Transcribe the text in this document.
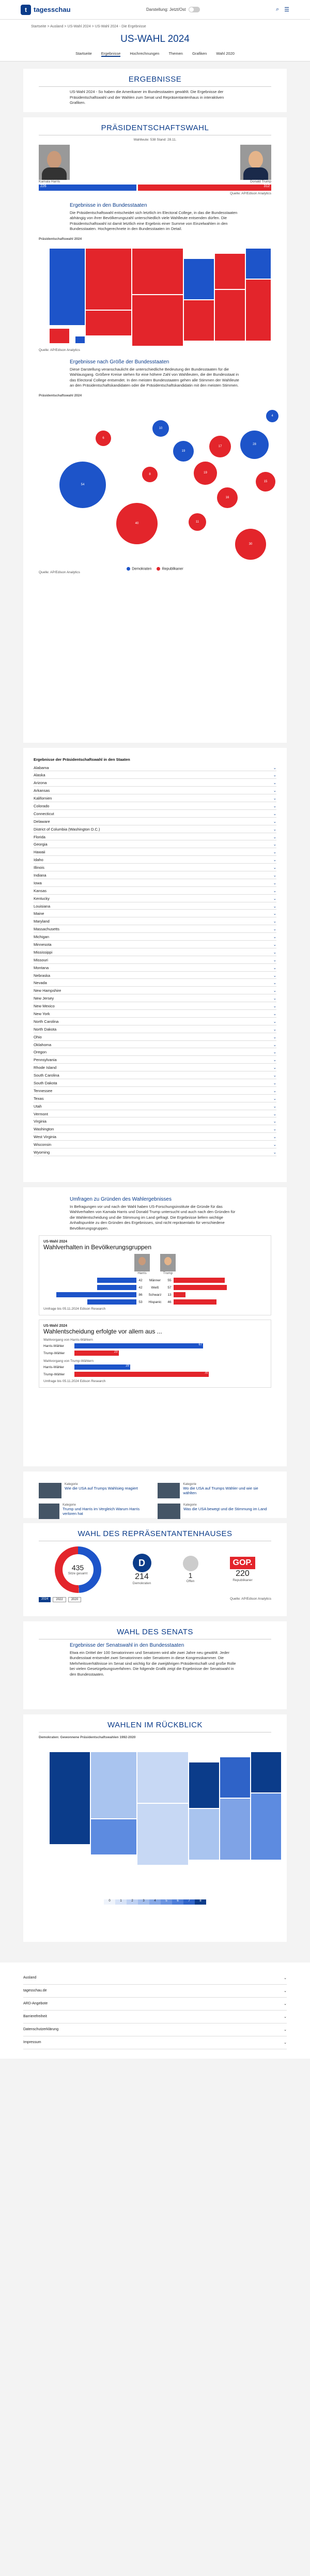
t	tagesschau	Darstellung: Jetzt/Ost	⌕ ☰
Startseite > Ausland > US-Wahl 2024 > US-Wahl 2024 - Die Ergebnisse
US-WAHL 2024
Startseite Ergebnisse Hochrechnungen Themen Grafiken Wahl 2020
ERGEBNISSE
US-Wahl 2024 - So haben die Amerikaner im Bundesstaaten gewählt. Die Ergebnisse der Präsidentschaftswahl und der Wahlen zum Senat und Repräsentantenhaus in interaktiven Grafiken.
PRÄSIDENTSCHAFTSWAHL
Wahlleute: 538 Stand: 28.11.
Kamala Harris	Donald Trump
226	312
Quelle: AP/Edison Analytics
Ergebnisse in den Bundesstaaten
Die Präsidentschaftswahl entscheidet sich letztlich im Electoral College, in das die Bundesstaaten abhängig von ihrer Bevölkerungszahl unterschiedlich viele Wahlleute entsenden dürfen. Die Präsidentschaftswahl ist damit letztlich eine Ergebnis einer Summe von Einzelwahlen in den Bundesstaaten. Hochgerechnete in den Bundesstaaten im Detail.
Präsidentschaftswahl 2024
Quelle: AP/Edison Analytics
Ergebnisse nach Größe der Bundesstaaten
Diese Darstellung veranschaulicht die unterschiedliche Bedeutung der Bundesstaaten für die Wahlausgang. Größere Kreise stehen für eine höhere Zahl von Wahlleuten, die der Bundesstaat in das Electoral College entsendet. In den meisten Bundesstaaten gehen alle Stimmen der Wahlleute an den Präsidentschaftskandidaten oder die Präsidentschaftskandidatin mit den meisten Stimmen.
Präsidentschaftswahl 2024
54
40
30
28
19
19
16
17
6
8
10
4
11
15
Demokraten	Republikaner
Quelle: AP/Edison Analytics
Ergebnisse der Präsidentschaftswahl in den Staaten
Alabama	⌄
Alaska	⌄
Arizona	⌄
Arkansas	⌄
Kalifornien	⌄
Colorado	⌄
Connecticut	⌄
Delaware	⌄
District of Columbia (Washington D.C.)	⌄
Florida	⌄
Georgia	⌄
Hawaii	⌄
Idaho	⌄
Illinois	⌄
Indiana	⌄
Iowa	⌄
Kansas	⌄
Kentucky	⌄
Louisiana	⌄
Maine	⌄
Maryland	⌄
Massachusetts	⌄
Michigan	⌄
Minnesota	⌄
Mississippi	⌄
Missouri	⌄
Montana	⌄
Nebraska	⌄
Nevada	⌄
New Hampshire	⌄
New Jersey	⌄
New Mexico	⌄
New York	⌄
North Carolina	⌄
North Dakota	⌄
Ohio	⌄
Oklahoma	⌄
Oregon	⌄
Pennsylvania	⌄
Rhode Island	⌄
South Carolina	⌄
South Dakota	⌄
Tennessee	⌄
Texas	⌄
Utah	⌄
Vermont	⌄
Virginia	⌄
Washington	⌄
West Virginia	⌄
Wisconsin	⌄
Wyoming	⌄
Umfragen zu Gründen des Wahlergebnisses
In Befragungen vor und nach der Wahl haben US-Forschungsinstitute die Gründe für das Wahlverhalten von Kamala Harris und Donald Trump untersucht und auch nach den Gründen für die Wahlentscheidung und die Stimmung im Land gefragt. Die Ergebnisse liefern wichtige Anhaltspunkte zu den Gründen des Ergebnisses, sind nicht repräsentativ für verschiedene Bevölkerungsgruppen.
US-Wahl 2024
Wahlverhalten in Bevölkerungsgruppen
Harris	Trump
42	Männer	55
42	Weiß	57
86	Schwarz	13
53	Hispanic	46
Umfrage bis 05.11.2024 Edison Research
US-Wahl 2024
Wahlentscheidung erfolgte vor allem aus ...
Wahlvorgang von Harris-Wählern
Harris-Wähler	67
Trump-Wähler	23
Wahlvorgang von Trump-Wählern
Harris-Wähler	29
Trump-Wähler	70
Umfrage bis 05.11.2024 Edison Research
Kategorie
Wie die USA auf Trumps Wahlsieg reagiert
Kategorie
Wo die USA auf Trumps Wähler und wie sie wählten
Kategorie
Trump und Harris im Vergleich Warum Harris verloren hat
Kategorie
Was die USA bewegt und die Stimmung im Land
WAHL DES REPRÄSENTANTENHAUSES
435
Sitze gesamt
D
214
Demokraten
1
Offen
GOP.
220
Republikaner
2024	2022	2020	Quelle: AP/Edison Analytics
WAHL DES SENATS
Ergebnisse der Senatswahl in den Bundesstaaten
Etwa ein Drittel der 100 Senatorinnen und Senatoren wird alle zwei Jahre neu gewählt. Jeder Bundesstaat entsendet zwei Senatorinnen oder Senatoren in diese Kongresskammer. Die Mehrheitsverhältnisse im Senat sind wichtig für die zweijährigen Präsidentschaft und große Rolle bei vielen Gesetzgebungsverfahren. Die folgende Grafik zeigt die Ergebnisse der Senatswahl in den Bundesstaaten.
WAHLEN IM RÜCKBLICK
Demokraten: Gewonnene Präsidentschaftswahlen 1992-2020
0	1	2	3	4	5	6	7	8
Ausland	⌄
tagesschau.de	⌄
ARD-Angebote	⌄
Barrierefreiheit	⌄
Datenschutzerklärung	⌄
Impressum	⌄
